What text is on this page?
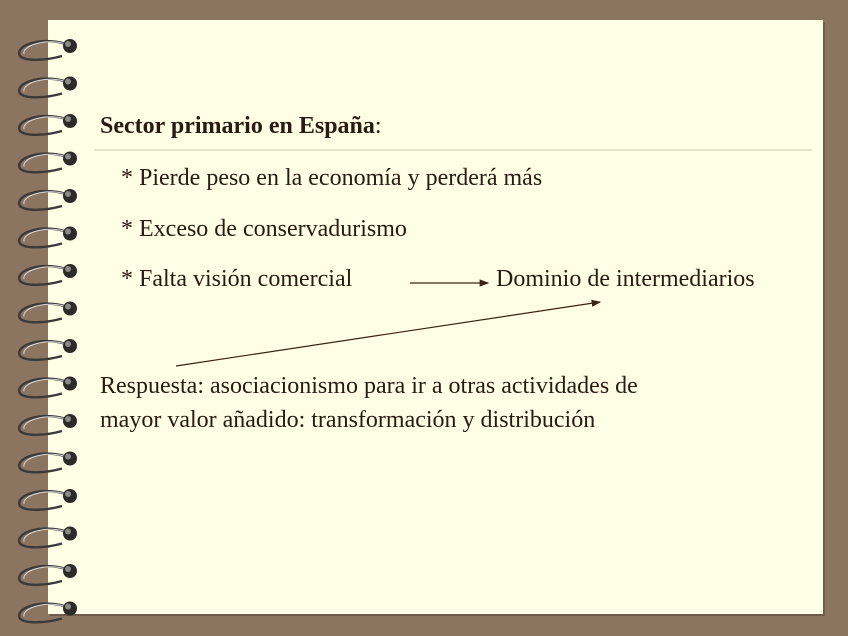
Sector primario en España:
* Pierde peso en la economía y perderá más
* Exceso de conservadurismo
* Falta visión comercial	Dominio de intermediarios
Respuesta: asociacionismo para ir a otras actividades de
mayor valor añadido: transformación y distribución
